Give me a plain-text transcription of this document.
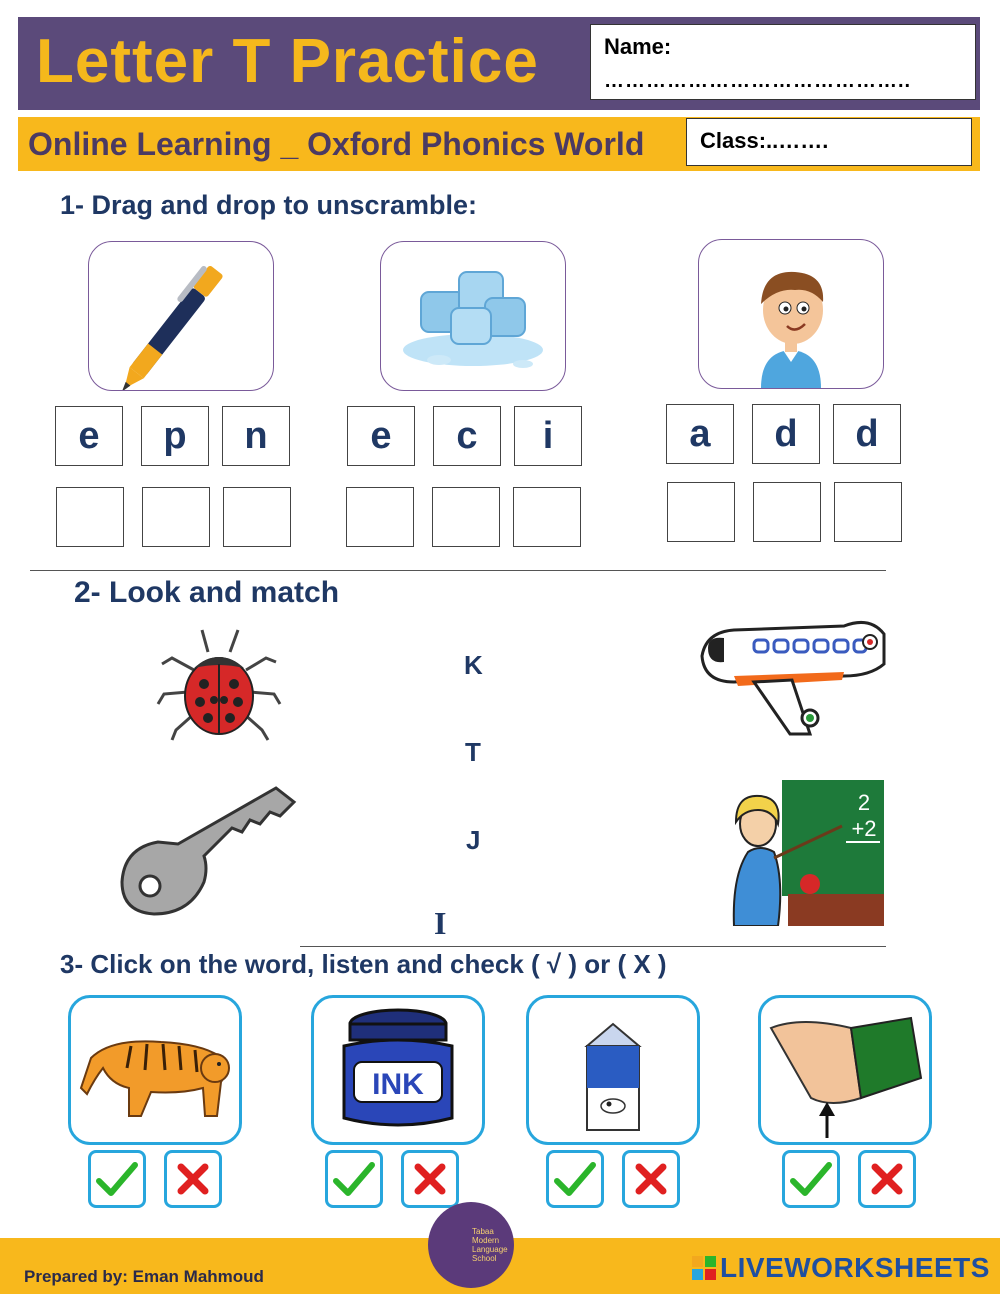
Letter T Practice	Name:
……………………………………..
Online Learning _ Oxford Phonics World	Class:..…….
1- Drag and drop to unscramble:
e	p	n	e	c	i	a	d	d
2- Look and match
K
T
J
I
2
+2
3- Click on the word, listen and check ( √ ) or ( X )
INK
Prepared by: Eman Mahmoud
Tabaa Modern Language School	LIVEWORKSHEETS
